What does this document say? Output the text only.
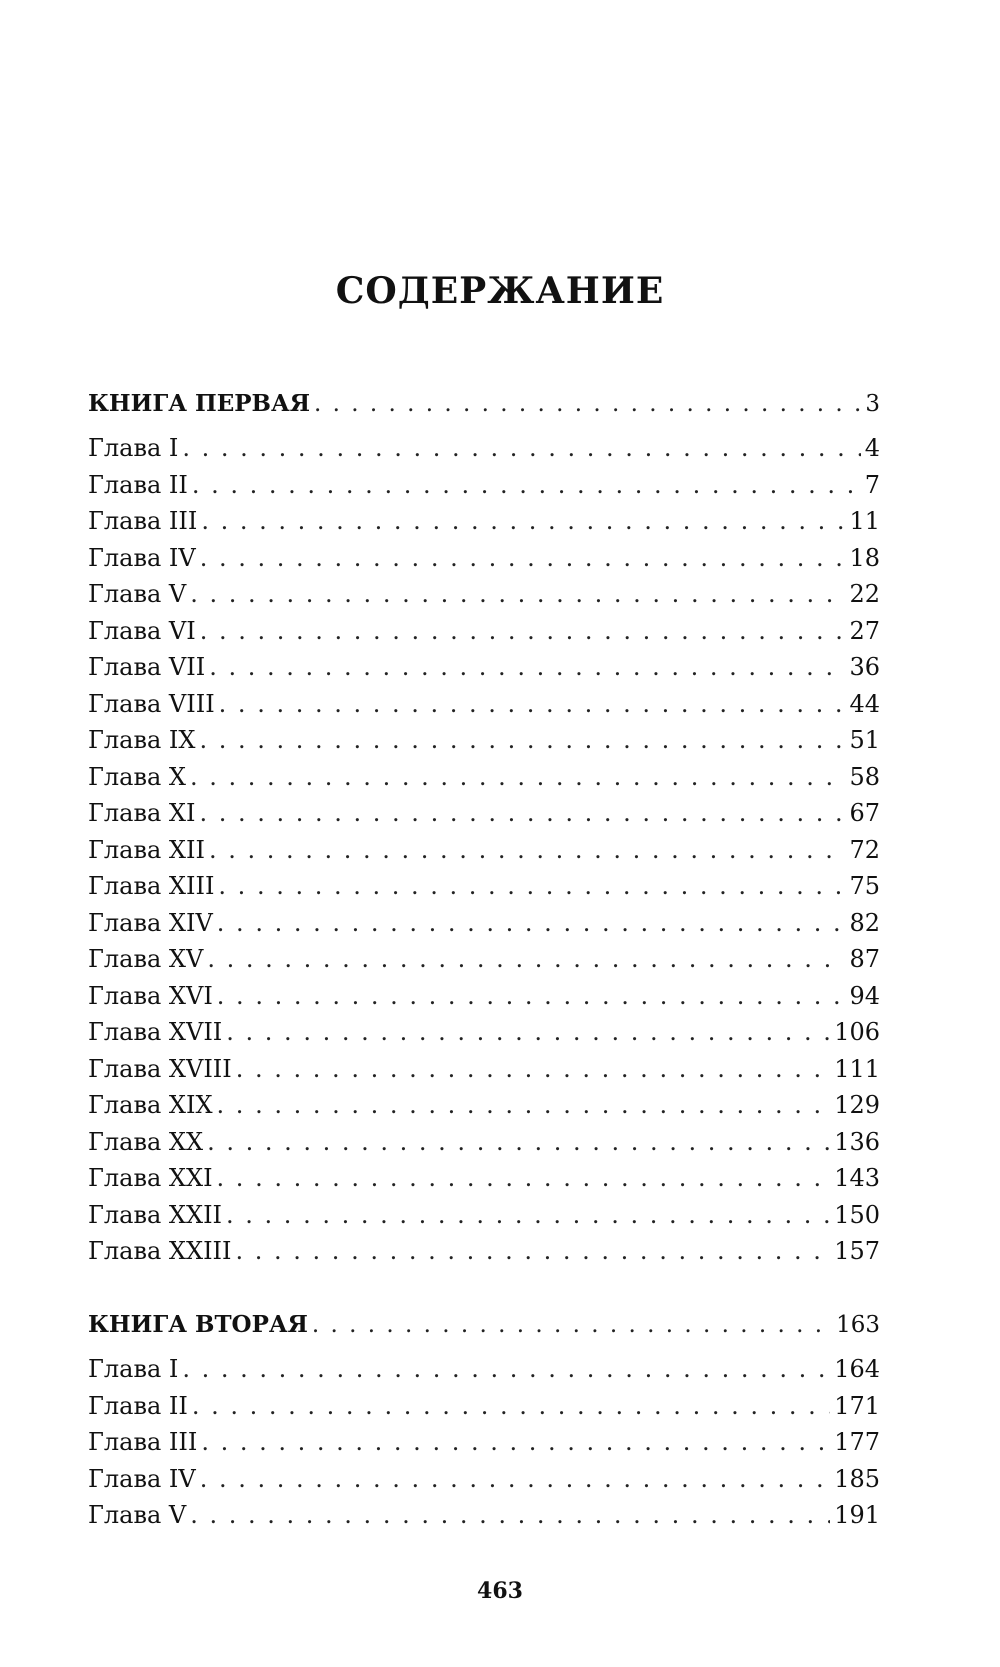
СОДЕРЖАНИЕ
КНИГА ПЕРВАЯ . . .	3
Глава I . . .	4
Глава II . . .	7
Глава III . . .	11
Глава IV . . .	18
Глава V . . .	22
Глава VI . . .	27
Глава VII . . .	36
Глава VIII . . .	44
Глава IX . . .	51
Глава X . . .	58
Глава XI . . .	67
Глава XII . . .	72
Глава XIII . . .	75
Глава XIV . . .	82
Глава XV . . .	87
Глава XVI . . .	94
Глава XVII . . .	106
Глава XVIII . . .	111
Глава XIX . . .	129
Глава XX . . .	136
Глава XXI . . .	143
Глава XXII . . .	150
Глава XXIII . . .	157
КНИГА ВТОРАЯ . . .	163
Глава I . . .	164
Глава II . . .	171
Глава III . . .	177
Глава IV . . .	185
Глава V . . .	191
463
